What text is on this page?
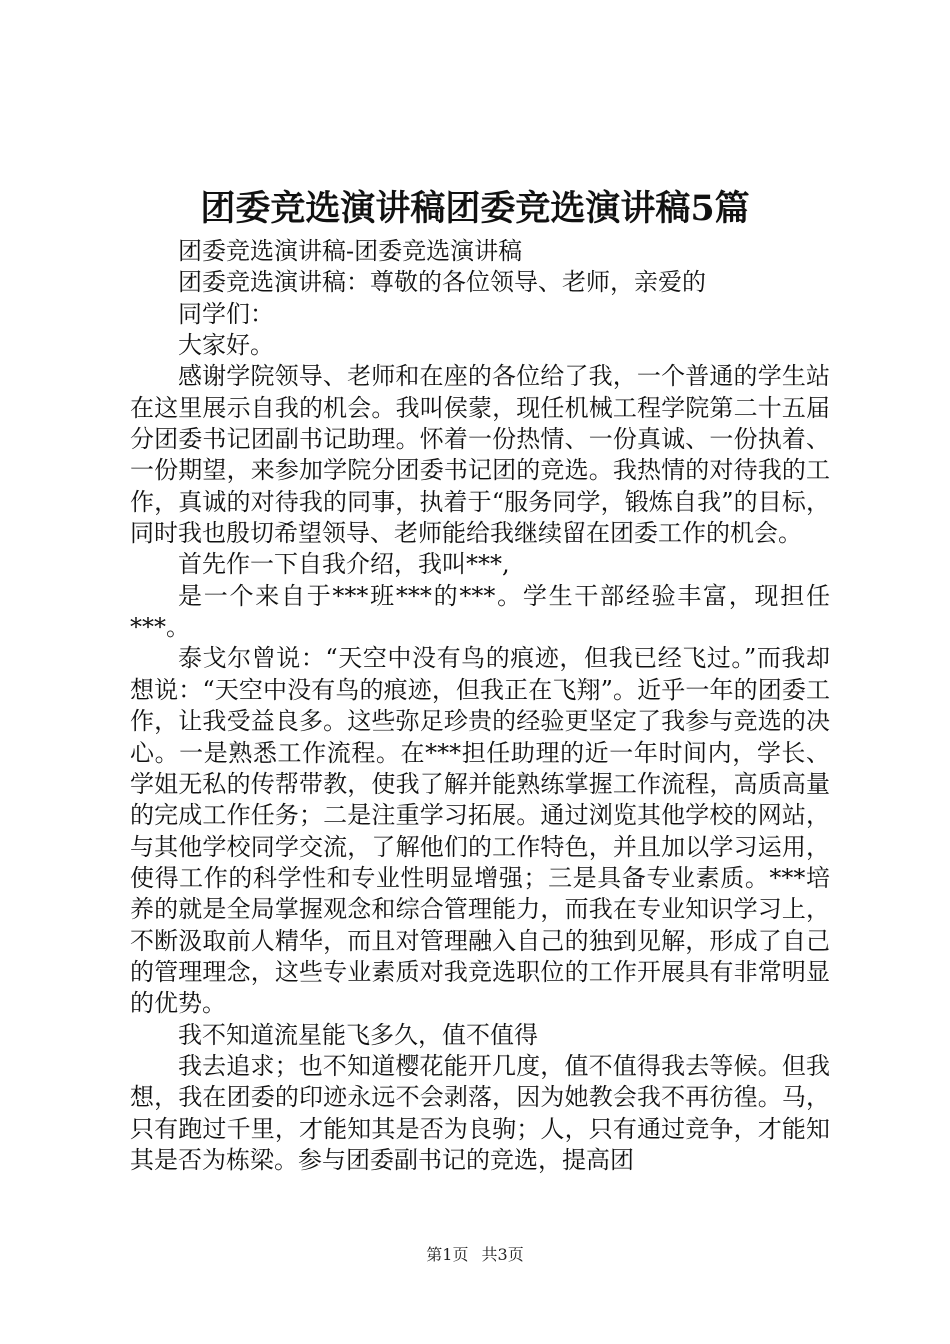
团委竞选演讲稿团委竞选演讲稿5篇

团委竞选演讲稿-团委竞选演讲稿

团委竞选演讲稿：尊敬的各位领导、老师，亲爱的

同学们：

大家好。

感谢学院领导、老师和在座的各位给了我，一个普通的学生站在这里展示自我的机会。我叫侯蒙，现任机械工程学院第二十五届分团委书记团副书记助理。怀着一份热情、一份真诚、一份执着、一份期望，来参加学院分团委书记团的竞选。我热情的对待我的工作，真诚的对待我的同事，执着于“服务同学，锻炼自我”的目标，同时我也殷切希望领导、老师能给我继续留在团委工作的机会。

首先作一下自我介绍，我叫***,

是一个来自于***班***的***。学生干部经验丰富，现担任***。

泰戈尔曾说：“天空中没有鸟的痕迹，但我已经飞过。”而我却想说：“天空中没有鸟的痕迹，但我正在飞翔”。近乎一年的团委工作，让我受益良多。这些弥足珍贵的经验更坚定了我参与竞选的决心。一是熟悉工作流程。在***担任助理的近一年时间内，学长、学姐无私的传帮带教，使我了解并能熟练掌握工作流程，高质高量的完成工作任务；二是注重学习拓展。通过浏览其他学校的网站，与其他学校同学交流，了解他们的工作特色，并且加以学习运用，使得工作的科学性和专业性明显增强；三是具备专业素质。***培养的就是全局掌握观念和综合管理能力，而我在专业知识学习上，不断汲取前人精华，而且对管理融入自己的独到见解，形成了自己的管理理念，这些专业素质对我竞选职位的工作开展具有非常明显的优势。

我不知道流星能飞多久，值不值得

我去追求；也不知道樱花能开几度，值不值得我去等候。但我想，我在团委的印迹永远不会剥落，因为她教会我不再彷徨。马，只有跑过千里，才能知其是否为良驹；人，只有通过竞争，才能知其是否为栋梁。参与团委副书记的竞选，提高团

第1页 共3页
